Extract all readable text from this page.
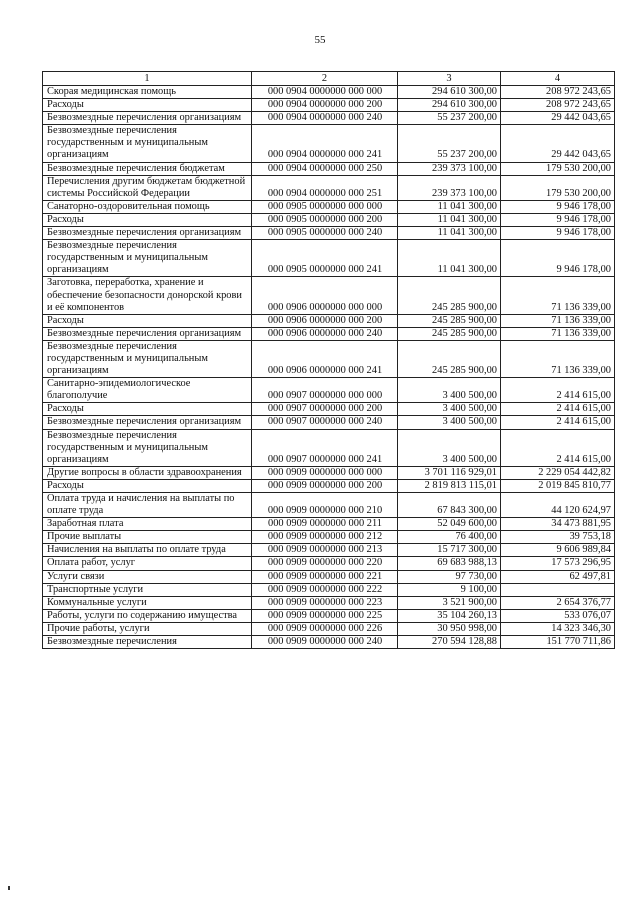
55
1	2	3	4
Скорая медицинская помощь	000 0904 0000000 000 000	294 610 300,00	208 972 243,65
Расходы	000 0904 0000000 000 200	294 610 300,00	208 972 243,65
Безвозмездные перечисления организациям	000 0904 0000000 000 240	55 237 200,00	29 442 043,65
Безвозмездные перечисления государственным и муниципальным организациям	000 0904 0000000 000 241	55 237 200,00	29 442 043,65
Безвозмездные перечисления бюджетам	000 0904 0000000 000 250	239 373 100,00	179 530 200,00
Перечисления другим бюджетам бюджетной системы Российской Федерации	000 0904 0000000 000 251	239 373 100,00	179 530 200,00
Санаторно-оздоровительная помощь	000 0905 0000000 000 000	11 041 300,00	9 946 178,00
Расходы	000 0905 0000000 000 200	11 041 300,00	9 946 178,00
Безвозмездные перечисления организациям	000 0905 0000000 000 240	11 041 300,00	9 946 178,00
Безвозмездные перечисления государственным и муниципальным организациям	000 0905 0000000 000 241	11 041 300,00	9 946 178,00
Заготовка, переработка, хранение и обеспечение безопасности донорской крови и её компонентов	000 0906 0000000 000 000	245 285 900,00	71 136 339,00
Расходы	000 0906 0000000 000 200	245 285 900,00	71 136 339,00
Безвозмездные перечисления организациям	000 0906 0000000 000 240	245 285 900,00	71 136 339,00
Безвозмездные перечисления государственным и муниципальным организациям	000 0906 0000000 000 241	245 285 900,00	71 136 339,00
Санитарно-эпидемиологическое благополучие	000 0907 0000000 000 000	3 400 500,00	2 414 615,00
Расходы	000 0907 0000000 000 200	3 400 500,00	2 414 615,00
Безвозмездные перечисления организациям	000 0907 0000000 000 240	3 400 500,00	2 414 615,00
Безвозмездные перечисления государственным и муниципальным организациям	000 0907 0000000 000 241	3 400 500,00	2 414 615,00
Другие вопросы в области здравоохранения	000 0909 0000000 000 000	3 701 116 929,01	2 229 054 442,82
Расходы	000 0909 0000000 000 200	2 819 813 115,01	2 019 845 810,77
Оплата труда и начисления на выплаты по оплате труда	000 0909 0000000 000 210	67 843 300,00	44 120 624,97
Заработная плата	000 0909 0000000 000 211	52 049 600,00	34 473 881,95
Прочие выплаты	000 0909 0000000 000 212	76 400,00	39 753,18
Начисления на выплаты по оплате труда	000 0909 0000000 000 213	15 717 300,00	9 606 989,84
Оплата работ, услуг	000 0909 0000000 000 220	69 683 988,13	17 573 296,95
Услуги связи	000 0909 0000000 000 221	97 730,00	62 497,81
Транспортные услуги	000 0909 0000000 000 222	9 100,00	
Коммунальные услуги	000 0909 0000000 000 223	3 521 900,00	2 654 376,77
Работы, услуги по содержанию имущества	000 0909 0000000 000 225	35 104 260,13	533 076,07
Прочие работы, услуги	000 0909 0000000 000 226	30 950 998,00	14 323 346,30
Безвозмездные перечисления	000 0909 0000000 000 240	270 594 128,88	151 770 711,86
